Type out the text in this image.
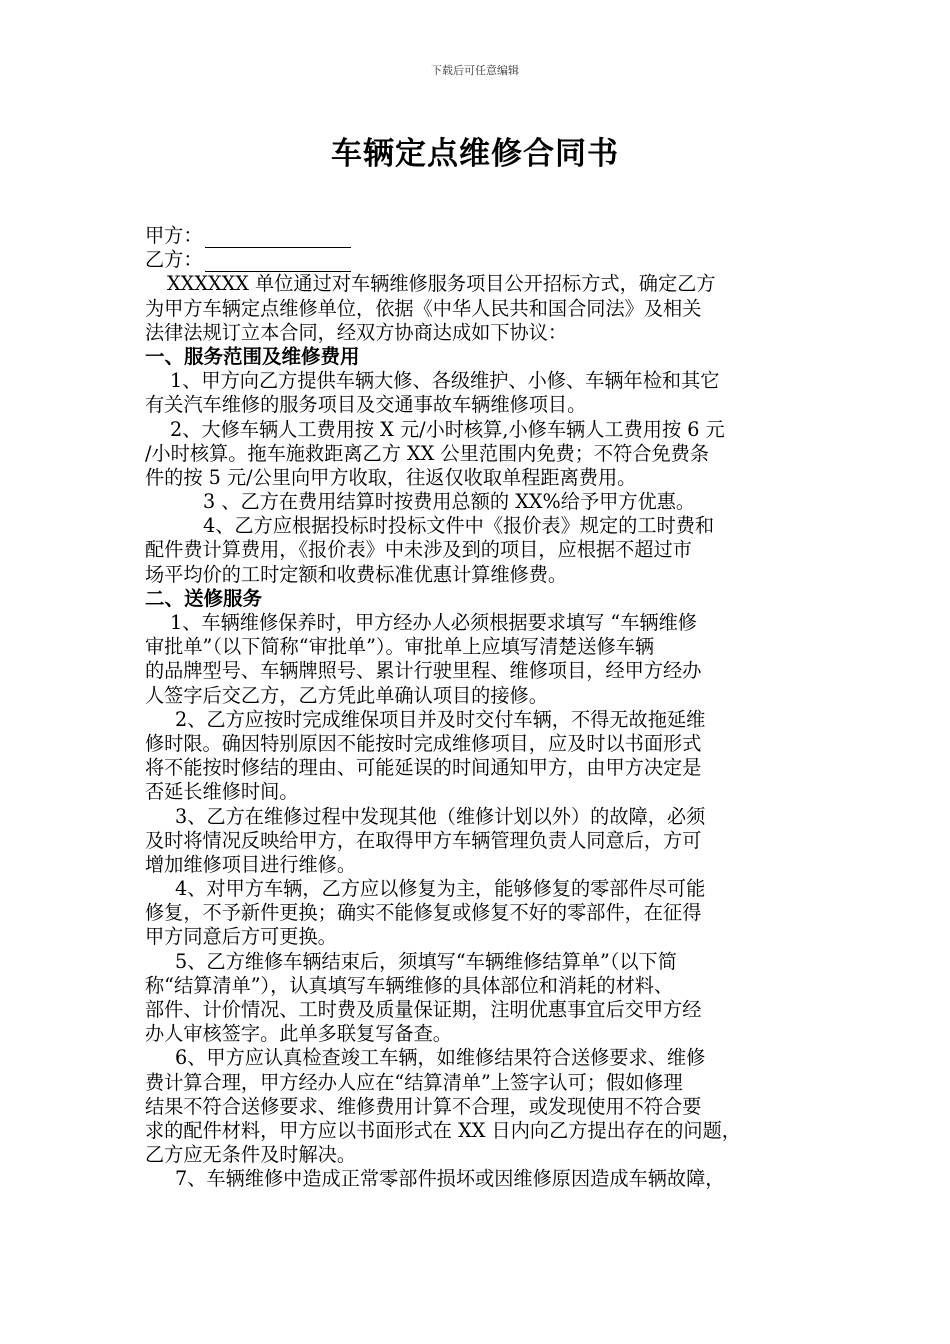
下载后可任意编辑
车辆定点维修合同书
甲方：
乙方：
XXXXXX 单位通过对车辆维修服务项目公开招标方式，确定乙方
为甲方车辆定点维修单位，依据《中华人民共和国合同法》及相关
法律法规订立本合同，经双方协商达成如下协议：
一、服务范围及维修费用
1、甲方向乙方提供车辆大修、各级维护、小修、车辆年检和其它
有关汽车维修的服务项目及交通事故车辆维修项目。
2、大修车辆人工费用按 X 元/小时核算,小修车辆人工费用按 6 元
/小时核算。拖车施救距离乙方 XX 公里范围内免费；不符合免费条
件的按 5 元/公里向甲方收取，往返仅收取单程距离费用。
3 、乙方在费用结算时按费用总额的 XX%给予甲方优惠。
4、乙方应根据投标时投标文件中《报价表》规定的工时费和
配件费计算费用，《报价表》中未涉及到的项目，应根据不超过市
场平均价的工时定额和收费标准优惠计算维修费。
二、送修服务
1、车辆维修保养时，甲方经办人必须根据要求填写 “车辆维修
审批单”（以下简称“审批单”）。审批单上应填写清楚送修车辆
的品牌型号、车辆牌照号、累计行驶里程、维修项目，经甲方经办
人签字后交乙方，乙方凭此单确认项目的接修。
2、乙方应按时完成维保项目并及时交付车辆，不得无故拖延维
修时限。确因特别原因不能按时完成维修项目，应及时以书面形式
将不能按时修结的理由、可能延误的时间通知甲方，由甲方决定是
否延长维修时间。
3、乙方在维修过程中发现其他（维修计划以外）的故障，必须
及时将情况反映给甲方，在取得甲方车辆管理负责人同意后，方可
增加维修项目进行维修。
4、对甲方车辆，乙方应以修复为主，能够修复的零部件尽可能
修复，不予新件更换；确实不能修复或修复不好的零部件，在征得
甲方同意后方可更换。
5、乙方维修车辆结束后，须填写“车辆维修结算单”（以下简
称“结算清单”），认真填写车辆维修的具体部位和消耗的材料、
部件、计价情况、工时费及质量保证期，注明优惠事宜后交甲方经
办人审核签字。此单多联复写备查。
6、甲方应认真检查竣工车辆，如维修结果符合送修要求、维修
费计算合理，甲方经办人应在“结算清单”上签字认可；假如修理
结果不符合送修要求、维修费用计算不合理，或发现使用不符合要
求的配件材料，甲方应以书面形式在 XX 日内向乙方提出存在的问题，
乙方应无条件及时解决。
7、车辆维修中造成正常零部件损坏或因维修原因造成车辆故障，
